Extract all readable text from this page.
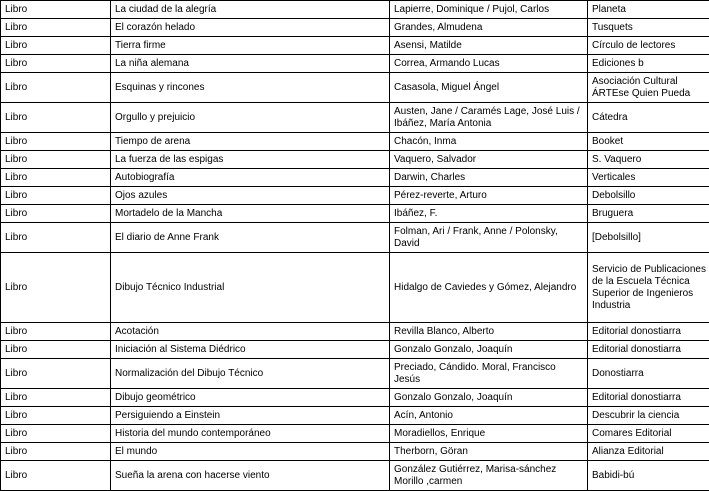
Libro	La ciudad de la alegría	Lapierre, Dominique / Pujol, Carlos	Planeta
Libro	El corazón helado	Grandes, Almudena	Tusquets
Libro	Tierra firme	Asensi, Matilde	Círculo de lectores
Libro	La niña alemana	Correa, Armando Lucas	Ediciones b
Libro	Esquinas y rincones	Casasola, Miguel Ángel	Asociación Cultural ÁRTEse Quien Pueda
Libro	Orgullo y prejuicio	Austen, Jane / Caramés Lage, José Luis / Ibáñez, María Antonia	Cátedra
Libro	Tiempo de arena	Chacón, Inma	Booket
Libro	La fuerza de las espigas	Vaquero, Salvador	S. Vaquero
Libro	Autobiografía	Darwin, Charles	Verticales
Libro	Ojos azules	Pérez-reverte, Arturo	Debolsillo
Libro	Mortadelo de la Mancha	Ibáñez, F.	Bruguera
Libro	El diario de Anne Frank	Folman, Ari / Frank, Anne / Polonsky, David	[Debolsillo]
Libro	Dibujo Técnico Industrial	Hidalgo de Caviedes y Gómez, Alejandro	Servicio de Publicaciones de la Escuela Técnica Superior de Ingenieros Industria
Libro	Acotación	Revilla Blanco, Alberto	Editorial donostiarra
Libro	Iniciación al Sistema Diédrico	Gonzalo Gonzalo, Joaquín	Editorial donostiarra
Libro	Normalización del Dibujo Técnico	Preciado, Cándido. Moral, Francisco Jesús	Donostiarra
Libro	Dibujo geométrico	Gonzalo Gonzalo, Joaquín	Editorial donostiarra
Libro	Persiguiendo a Einstein	Acín, Antonio	Descubrir la ciencia
Libro	Historia del mundo contemporáneo	Moradiellos, Enrique	Comares Editorial
Libro	El mundo	Therborn, Göran	Alianza Editorial
Libro	Sueña la arena con hacerse viento	González Gutiérrez, Marisa-sánchez Morillo ,carmen	Babidi-bú
